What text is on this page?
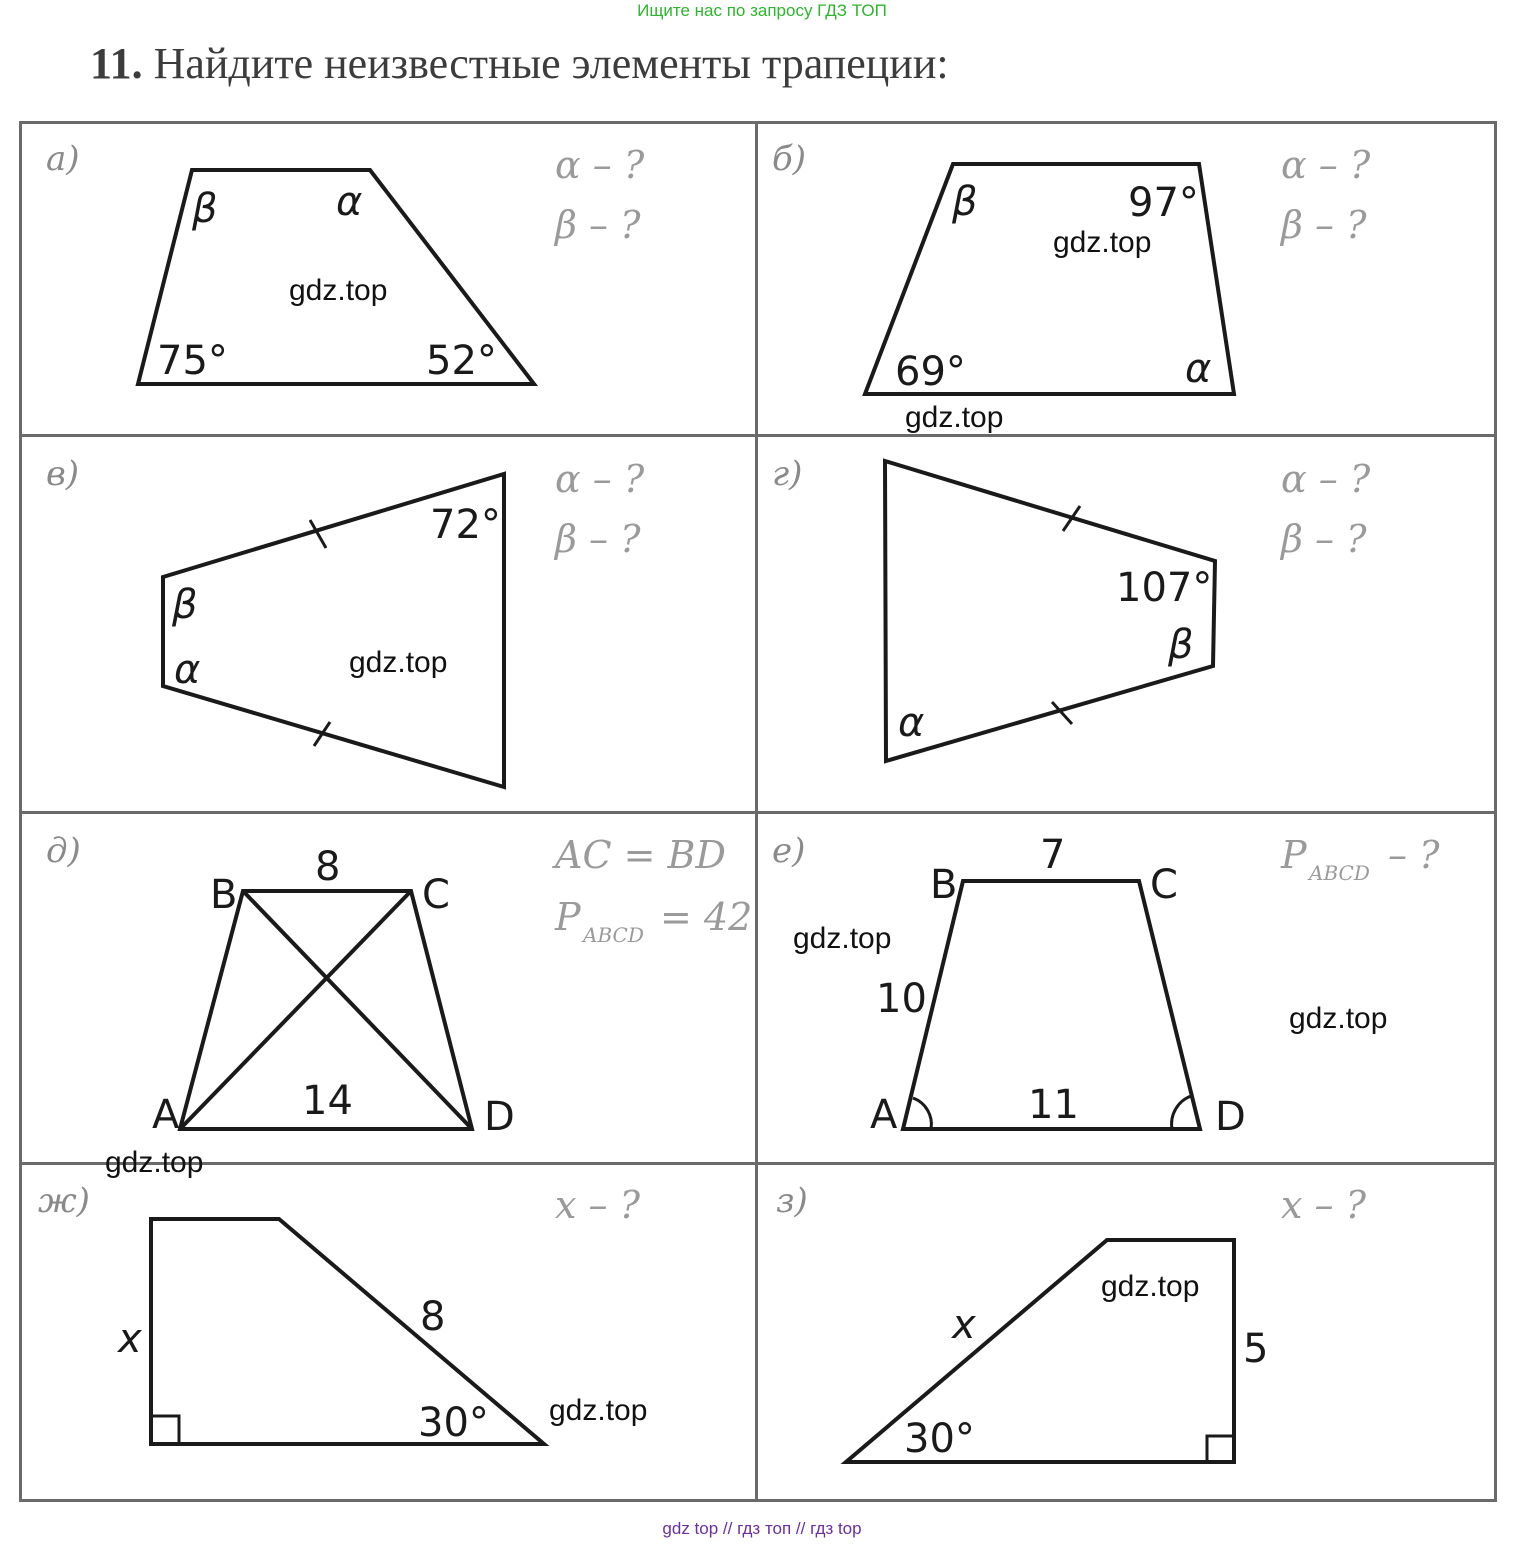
Ищите нас по запросу ГДЗ ТОП
11. Найдите неизвестные элементы трапеции:
а)	α – ?
β – ?
β	α
75°	52°
б)	α – ?
β – ?
β	97°
69°	α
в)	α – ?
β – ?
72°
β
α
г)	α – ?
β – ?
107°
β
α
д)	AC = BD
P ABCD = 42
8
14
A
B	C
D
е)	P ABCD – ?
7
10
11
A
B	C
D
ж)	x – ?
x	8
30°
з)	x – ?
x
5
30°
gdz.top
gdz.top
gdz.top
gdz.top
gdz.top
gdz.top
gdz.top
gdz.top
gdz.top
gdz top // гдз топ // гдз top
